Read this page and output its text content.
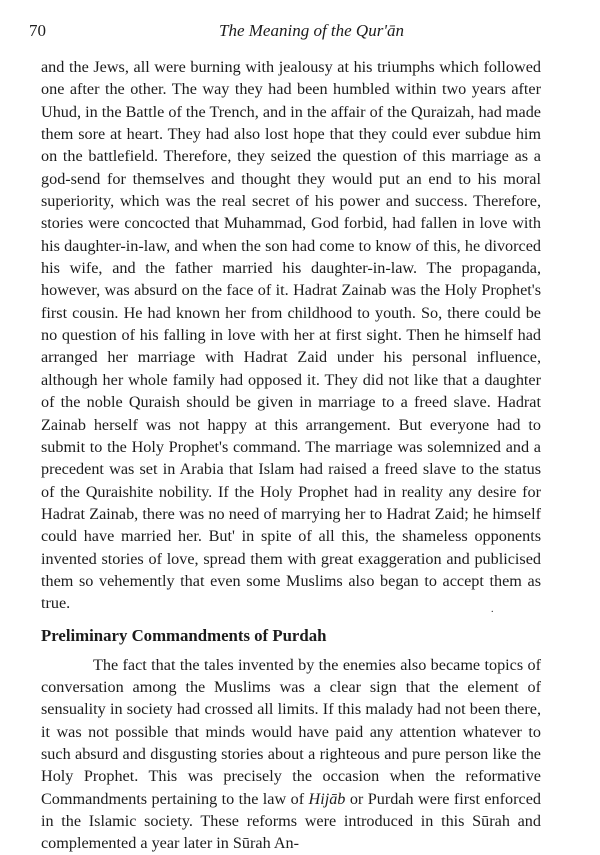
70	The Meaning of the Qur'ān

and the Jews, all were burning with jealousy at his triumphs which followed one after the other. The way they had been humbled within two years after Uhud, in the Battle of the Trench, and in the affair of the Quraizah, had made them sore at heart. They had also lost hope that they could ever subdue him on the battlefield. Therefore, they seized the question of this marriage as a god-send for themselves and thought they would put an end to his moral superiority, which was the real secret of his power and success. Therefore, stories were concocted that Muhammad, God forbid, had fallen in love with his daughter-in-law, and when the son had come to know of this, he divorced his wife, and the father married his daughter-in-law. The propaganda, however, was absurd on the face of it. Hadrat Zainab was the Holy Prophet's first cousin. He had known her from childhood to youth. So, there could be no question of his falling in love with her at first sight. Then he himself had arranged her marriage with Hadrat Zaid under his personal influence, although her whole family had opposed it. They did not like that a daughter of the noble Quraish should be given in marriage to a freed slave. Hadrat Zainab herself was not happy at this arrangement. But everyone had to submit to the Holy Prophet's command. The marriage was solemnized and a precedent was set in Arabia that Islam had raised a freed slave to the status of the Quraishite nobility. If the Holy Prophet had in reality any desire for Hadrat Zainab, there was no need of marrying her to Hadrat Zaid; he himself could have married her. But' in spite of all this, the shameless opponents invented stories of love, spread them with great exaggeration and publicised them so vehemently that even some Muslims also began to accept them as true.

Preliminary Commandments of Purdah

The fact that the tales invented by the enemies also became topics of conversation among the Muslims was a clear sign that the element of sensuality in society had crossed all limits. If this malady had not been there, it was not possible that minds would have paid any attention whatever to such absurd and disgusting stories about a righteous and pure person like the Holy Prophet. This was precisely the occasion when the reformative Commandments pertaining to the law of Hijāb or Purdah were first enforced in the Islamic society. These reforms were introduced in this Sūrah and complemented a year later in Sūrah An-

.
